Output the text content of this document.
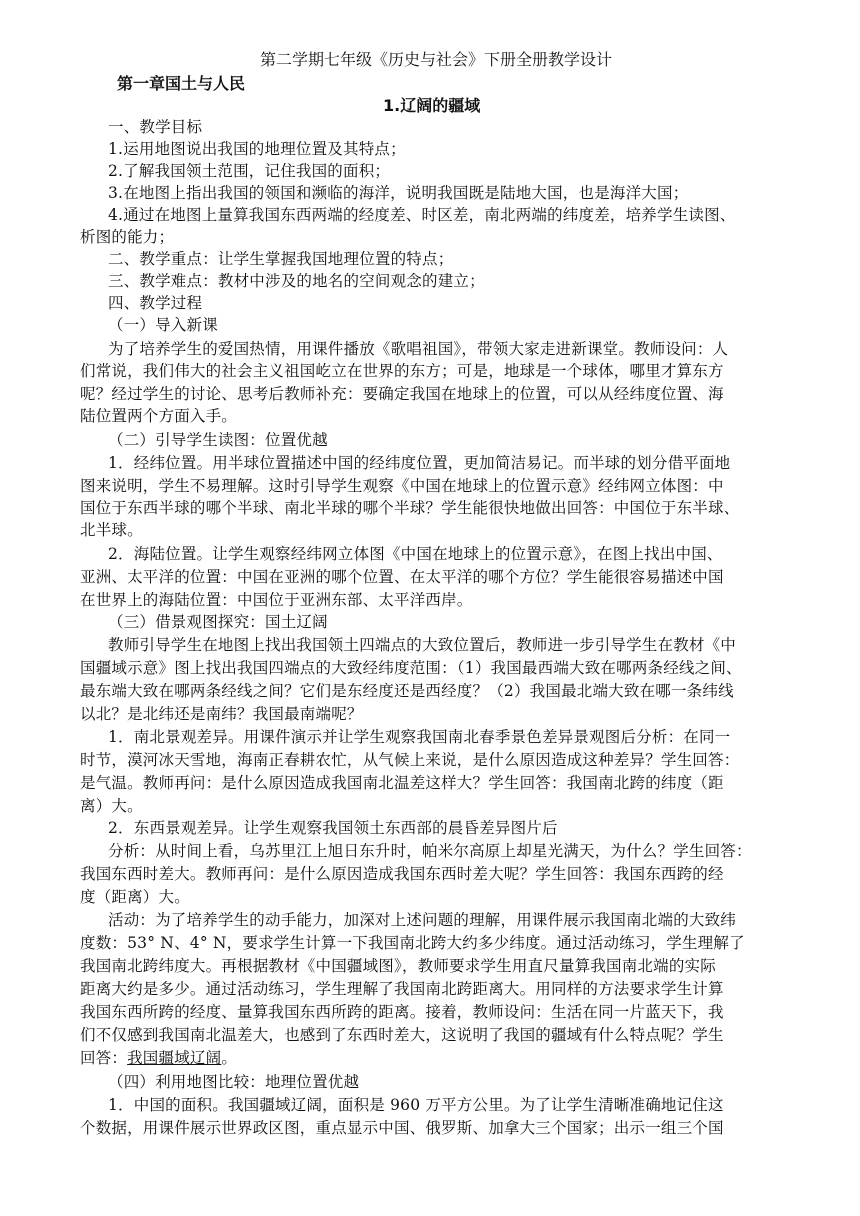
第二学期七年级《历史与社会》下册全册教学设计
第一章国土与人民
1.辽阔的疆域
一、教学目标
1.运用地图说出我国的地理位置及其特点；
2.了解我国领土范围，记住我国的面积；
3.在地图上指出我国的领国和濒临的海洋，说明我国既是陆地大国，也是海洋大国；
4.通过在地图上量算我国东西两端的经度差、时区差，南北两端的纬度差，培养学生读图、
析图的能力；
二、教学重点：让学生掌握我国地理位置的特点；
三、教学难点：教材中涉及的地名的空间观念的建立；
四、教学过程
（一）导入新课
为了培养学生的爱国热情，用课件播放《歌唱祖国》，带领大家走进新课堂。教师设问：人
们常说，我们伟大的社会主义祖国屹立在世界的东方；可是，地球是一个球体，哪里才算东方
呢？经过学生的讨论、思考后教师补充：要确定我国在地球上的位置，可以从经纬度位置、海
陆位置两个方面入手。
（二）引导学生读图：位置优越
1．经纬位置。用半球位置描述中国的经纬度位置，更加简洁易记。而半球的划分借平面地
图来说明，学生不易理解。这时引导学生观察《中国在地球上的位置示意》经纬网立体图：中
国位于东西半球的哪个半球、南北半球的哪个半球？学生能很快地做出回答：中国位于东半球、
北半球。
2．海陆位置。让学生观察经纬网立体图《中国在地球上的位置示意》，在图上找出中国、
亚洲、太平洋的位置：中国在亚洲的哪个位置、在太平洋的哪个方位？学生能很容易描述中国
在世界上的海陆位置：中国位于亚洲东部、太平洋西岸。
（三）借景观图探究：国土辽阔
教师引导学生在地图上找出我国领土四端点的大致位置后，教师进一步引导学生在教材《中
国疆域示意》图上找出我国四端点的大致经纬度范围：（1）我国最西端大致在哪两条经线之间、
最东端大致在哪两条经线之间？它们是东经度还是西经度？（2）我国最北端大致在哪一条纬线
以北？是北纬还是南纬？我国最南端呢？
1．南北景观差异。用课件演示并让学生观察我国南北春季景色差异景观图后分析：在同一
时节，漠河冰天雪地，海南正春耕农忙，从气候上来说，是什么原因造成这种差异？学生回答：
是气温。教师再问：是什么原因造成我国南北温差这样大？学生回答：我国南北跨的纬度（距
离）大。
2．东西景观差异。让学生观察我国领土东西部的晨昏差异图片后
分析：从时间上看，乌苏里江上旭日东升时，帕米尔高原上却星光满天，为什么？学生回答：
我国东西时差大。教师再问：是什么原因造成我国东西时差大呢？学生回答：我国东西跨的经
度（距离）大。
活动：为了培养学生的动手能力，加深对上述问题的理解，用课件展示我国南北端的大致纬
度数：53° N、4° N，要求学生计算一下我国南北跨大约多少纬度。通过活动练习，学生理解了
我国南北跨纬度大。再根据教材《中国疆域图》，教师要求学生用直尺量算我国南北端的实际
距离大约是多少。通过活动练习，学生理解了我国南北跨距离大。用同样的方法要求学生计算
我国东西所跨的经度、量算我国东西所跨的距离。接着，教师设问：生活在同一片蓝天下，我
们不仅感到我国南北温差大，也感到了东西时差大，这说明了我国的疆域有什么特点呢？学生
回答：我国疆域辽阔。
（四）利用地图比较：地理位置优越
1．中国的面积。我国疆域辽阔，面积是 960 万平方公里。为了让学生清晰准确地记住这
个数据，用课件展示世界政区图，重点显示中国、俄罗斯、加拿大三个国家；出示一组三个国
